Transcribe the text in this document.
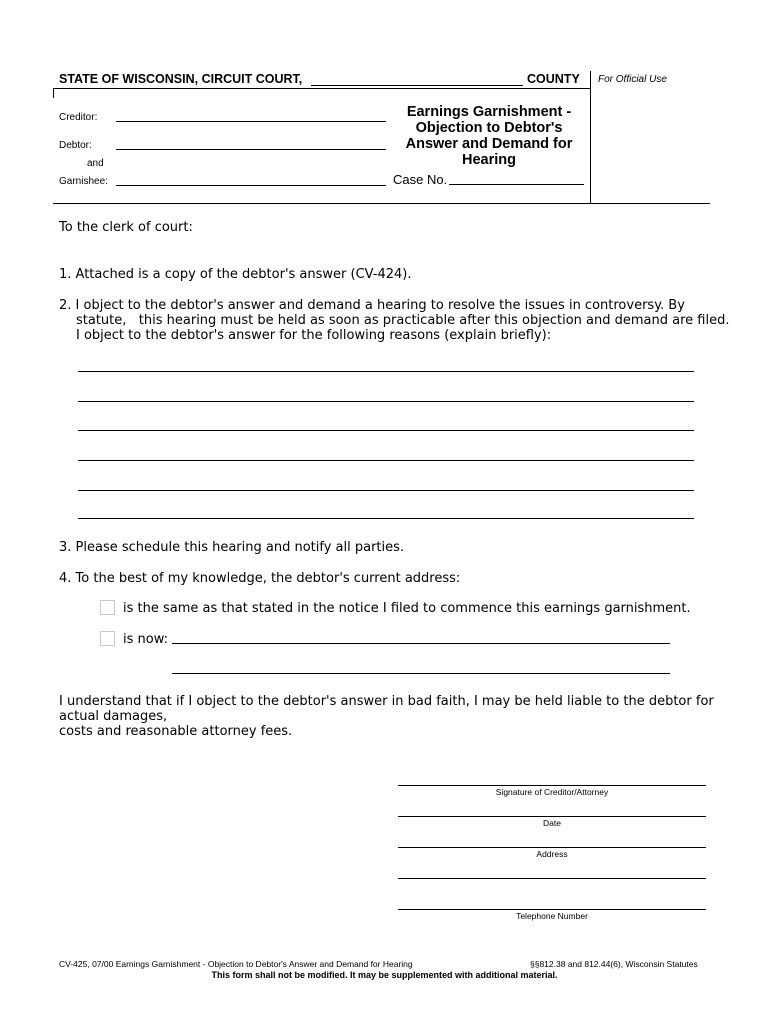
STATE OF WISCONSIN, CIRCUIT COURT,	COUNTY For Official Use
Creditor:
Debtor:
and
Garnishee:
Earnings Garnishment -
Objection to Debtor's
Answer and Demand for
Hearing
Case No.
To the clerk of court:
1. Attached is a copy of the debtor's answer (CV-424).
2. I object to the debtor's answer and demand a hearing to resolve the issues in controversy. By
statute,   this hearing must be held as soon as practicable after this objection and demand are filed.
I object to the debtor's answer for the following reasons (explain briefly):
3. Please schedule this hearing and notify all parties.
4. To the best of my knowledge, the debtor's current address:
is the same as that stated in the notice I filed to commence this earnings garnishment.
is now:
I understand that if I object to the debtor's answer in bad faith, I may be held liable to the debtor for
actual damages,
costs and reasonable attorney fees.
Signature of Creditor/Attorney
Date
Address
Telephone Number
CV-425, 07/00 Earnings Garnishment - Objection to Debtor's Answer and Demand for Hearing	§§812.38 and 812.44(6), Wisconsin Statutes
This form shall not be modified. It may be supplemented with additional material.
